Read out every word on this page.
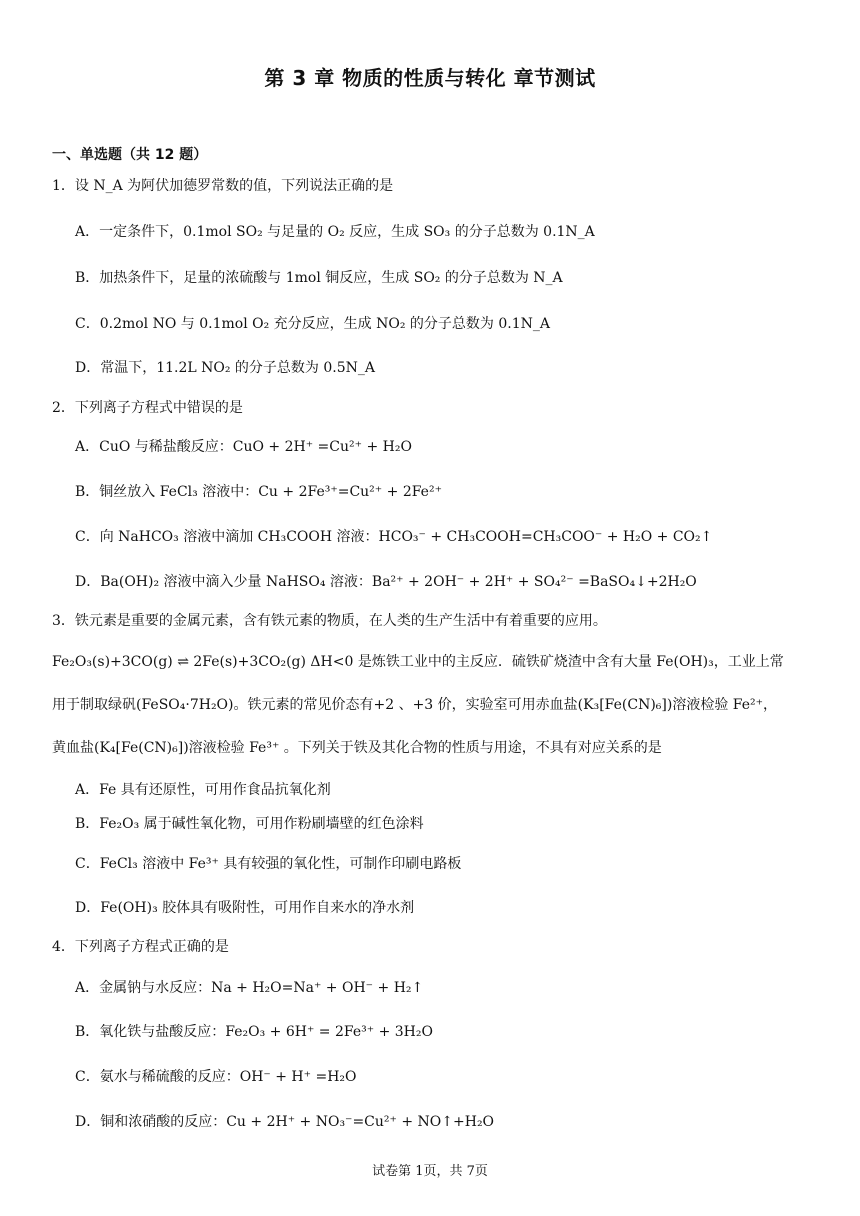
第 3 章 物质的性质与转化 章节测试
一、单选题（共 12 题）
1．设 N_A 为阿伏加德罗常数的值，下列说法正确的是
A．一定条件下，0.1mol SO₂ 与足量的 O₂ 反应，生成 SO₃ 的分子总数为 0.1N_A
B．加热条件下，足量的浓硫酸与 1mol 铜反应，生成 SO₂ 的分子总数为 N_A
C．0.2mol NO 与 0.1mol O₂ 充分反应，生成 NO₂ 的分子总数为 0.1N_A
D．常温下，11.2L NO₂ 的分子总数为 0.5N_A
2．下列离子方程式中错误的是
A．CuO 与稀盐酸反应：CuO + 2H⁺ =Cu²⁺ + H₂O
B．铜丝放入 FeCl₃ 溶液中：Cu + 2Fe³⁺=Cu²⁺ + 2Fe²⁺
C．向 NaHCO₃ 溶液中滴加 CH₃COOH 溶液：HCO₃⁻ + CH₃COOH=CH₃COO⁻ + H₂O + CO₂↑
D．Ba(OH)₂ 溶液中滴入少量 NaHSO₄ 溶液：Ba²⁺ + 2OH⁻ + 2H⁺ + SO₄²⁻ =BaSO₄↓+2H₂O
3．铁元素是重要的金属元素，含有铁元素的物质，在人类的生产生活中有着重要的应用。
Fe₂O₃(s)+3CO(g) ⇌ 2Fe(s)+3CO₂(g) ΔH<0 是炼铁工业中的主反应．硫铁矿烧渣中含有大量 Fe(OH)₃，工业上常
用于制取绿矾(FeSO₄·7H₂O)。铁元素的常见价态有+2 、+3 价，实验室可用赤血盐(K₃[Fe(CN)₆])溶液检验 Fe²⁺，
黄血盐(K₄[Fe(CN)₆])溶液检验 Fe³⁺ 。下列关于铁及其化合物的性质与用途，不具有对应关系的是
A．Fe 具有还原性，可用作食品抗氧化剂
B．Fe₂O₃ 属于碱性氧化物，可用作粉刷墙壁的红色涂料
C．FeCl₃ 溶液中 Fe³⁺ 具有较强的氧化性，可制作印刷电路板
D．Fe(OH)₃ 胶体具有吸附性，可用作自来水的净水剂
4．下列离子方程式正确的是
A．金属钠与水反应：Na + H₂O=Na⁺ + OH⁻ + H₂↑
B．氧化铁与盐酸反应：Fe₂O₃ + 6H⁺ = 2Fe³⁺ + 3H₂O
C．氨水与稀硫酸的反应：OH⁻ + H⁺ =H₂O
D．铜和浓硝酸的反应：Cu + 2H⁺ + NO₃⁻=Cu²⁺ + NO↑+H₂O
试卷第 1页，共 7页
